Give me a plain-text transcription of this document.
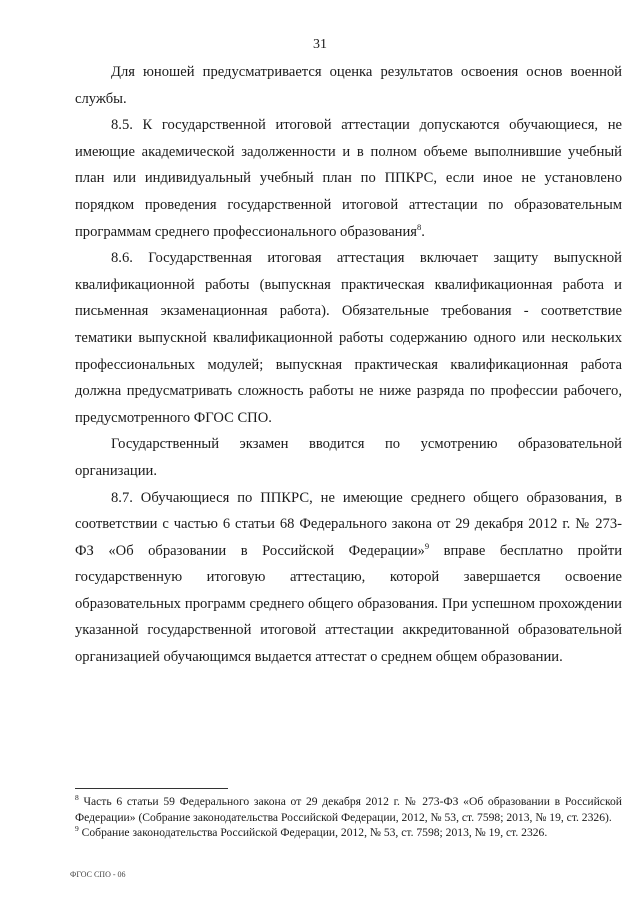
31

Для юношей предусматривается оценка результатов освоения основ военной службы.

8.5. К государственной итоговой аттестации допускаются обучающиеся, не имеющие академической задолженности и в полном объеме выполнившие учебный план или индивидуальный учебный план по ППКРС, если иное не установлено порядком проведения государственной итоговой аттестации по образовательным программам среднего профессионального образования$^8$.

8.6. Государственная итоговая аттестация включает защиту выпускной квалификационной работы (выпускная практическая квалификационная работа и письменная экзаменационная работа). Обязательные требования - соответствие тематики выпускной квалификационной работы содержанию одного или нескольких профессиональных модулей; выпускная практическая квалификационная работа должна предусматривать сложность работы не ниже разряда по профессии рабочего, предусмотренного ФГОС СПО.

Государственный экзамен вводится по усмотрению образовательной организации.

8.7. Обучающиеся по ППКРС, не имеющие среднего общего образования, в соответствии с частью 6 статьи 68 Федерального закона от 29 декабря 2012 г. № 273-ФЗ «Об образовании в Российской Федерации»$^9$ вправе бесплатно пройти государственную итоговую аттестацию, которой завершается освоение образовательных программ среднего общего образования. При успешном прохождении указанной государственной итоговой аттестации аккредитованной образовательной организацией обучающимся выдается аттестат о среднем общем образовании.

$^8$ Часть 6 статьи 59 Федерального закона от 29 декабря 2012 г. № 273-ФЗ «Об образовании в Российской Федерации» (Собрание законодательства Российской Федерации, 2012, № 53, ст. 7598; 2013, № 19, ст. 2326).

$^9$ Собрание законодательства Российской Федерации, 2012, № 53, ст. 7598; 2013, № 19, ст. 2326.

ФГОС СПО - 06
